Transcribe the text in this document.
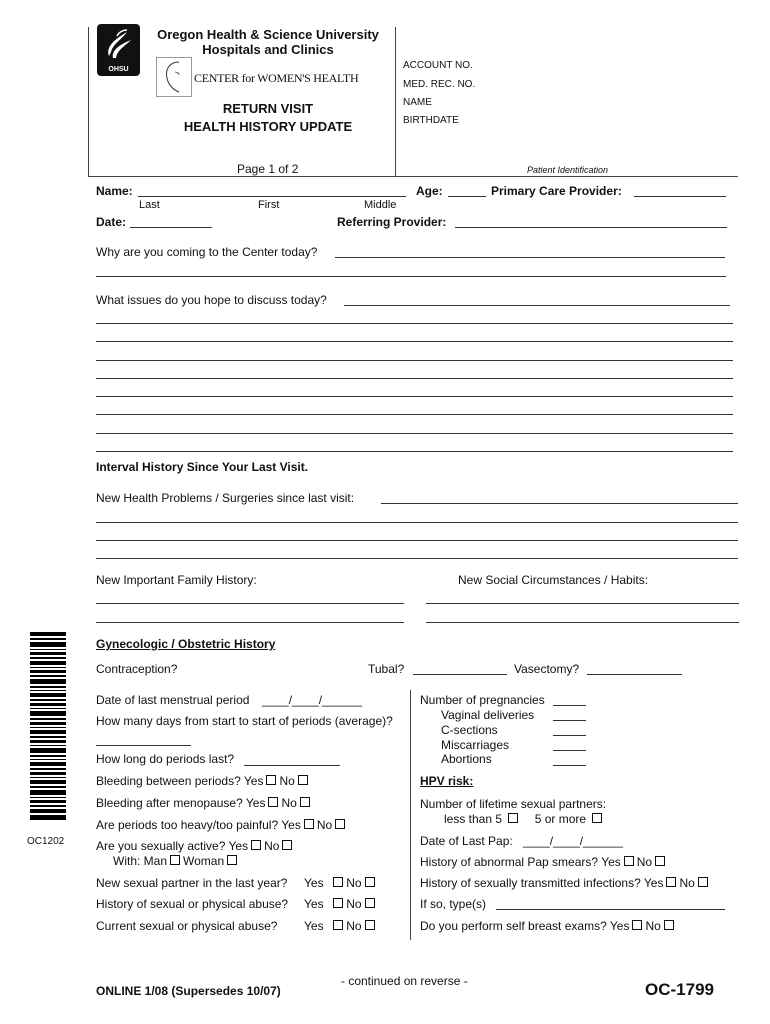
OHSU
Oregon Health & Science University
Hospitals and Clinics
CENTER for WOMEN'S HEALTH
RETURN VISIT
HEALTH HISTORY UPDATE
Page 1 of 2
ACCOUNT NO.
MED. REC. NO.
NAME
BIRTHDATE
Patient Identification
Name:
Last	First	Middle
Age:	Primary Care Provider:
Date:	Referring Provider:
Why are you coming to the Center today?
What issues do you hope to discuss today?
Interval History Since Your Last Visit.
New Health Problems / Surgeries since last visit:
New Important Family History:	New Social Circumstances / Habits:
Gynecologic / Obstetric History
Contraception?	Tubal?	Vasectomy?
Date of last menstrual period ____/____/______
How many days from start to start of periods (average)?
How long do periods last?
Bleeding between periods? Yes No
Bleeding after menopause? Yes No
Are periods too heavy/too painful? Yes No
Are you sexually active? Yes No
With: Man Woman
New sexual partner in the last year? Yes No
History of sexual or physical abuse? Yes No
Current sexual or physical abuse? Yes No
Number of pregnancies
Vaginal deliveries
C-sections
Miscarriages
Abortions
HPV risk:
Number of lifetime sexual partners:
less than 5	5 or more
Date of Last Pap: ____/____/______
History of abnormal Pap smears? Yes No
History of sexually transmitted infections? Yes No
If so, type(s)
Do you perform self breast exams? Yes No
OC1202
ONLINE 1/08 (Supersedes 10/07)
- continued on reverse -	OC-1799
